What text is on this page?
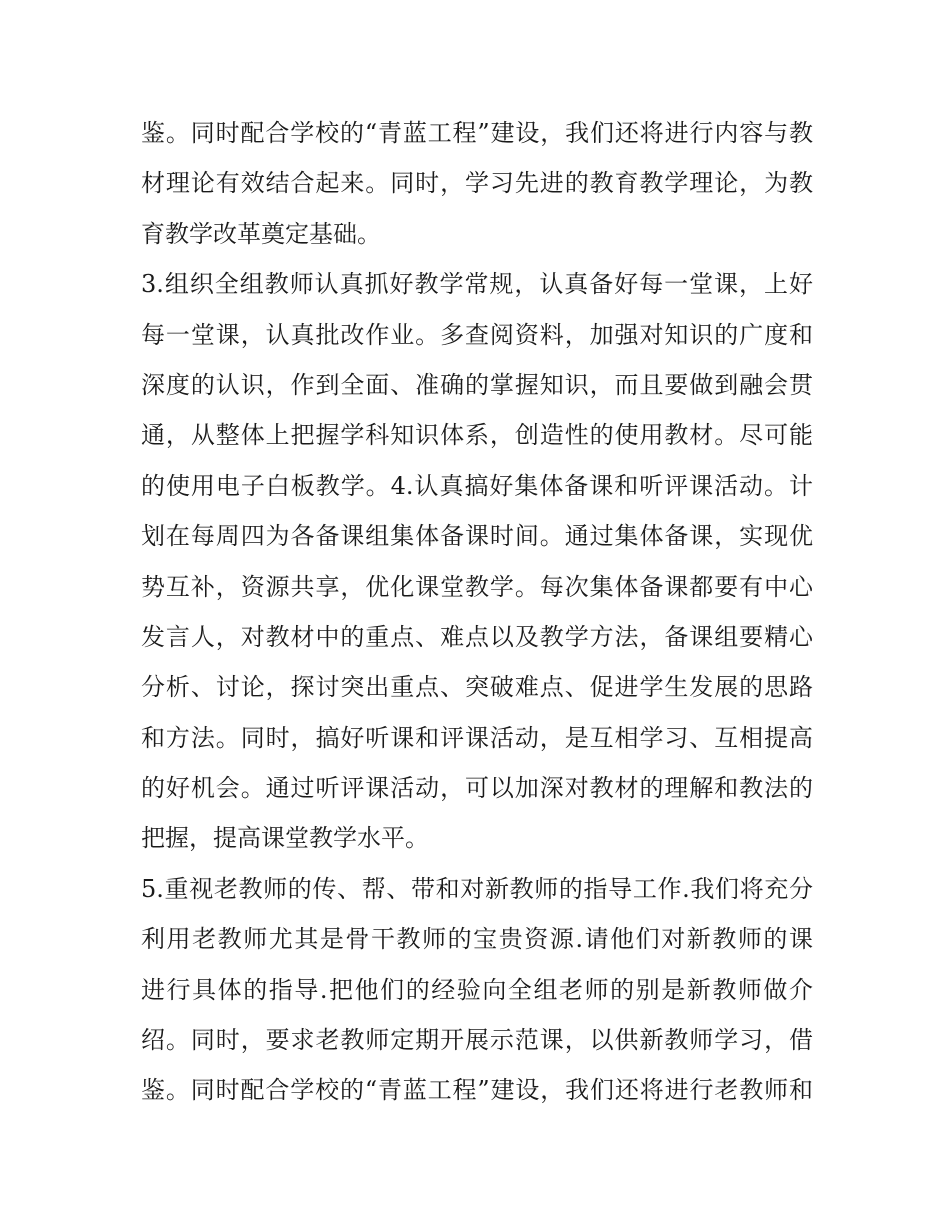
鉴。同时配合学校的“青蓝工程”建设，我们还将进行内容与教
材理论有效结合起来。同时，学习先进的教育教学理论，为教
育教学改革奠定基础。
3.组织全组教师认真抓好教学常规，认真备好每一堂课，上好
每一堂课，认真批改作业。多查阅资料，加强对知识的广度和
深度的认识，作到全面、准确的掌握知识，而且要做到融会贯
通，从整体上把握学科知识体系，创造性的使用教材。尽可能
的使用电子白板教学。4.认真搞好集体备课和听评课活动。计
划在每周四为各备课组集体备课时间。通过集体备课，实现优
势互补，资源共享，优化课堂教学。每次集体备课都要有中心
发言人，对教材中的重点、难点以及教学方法，备课组要精心
分析、讨论，探讨突出重点、突破难点、促进学生发展的思路
和方法。同时，搞好听课和评课活动，是互相学习、互相提高
的好机会。通过听评课活动，可以加深对教材的理解和教法的
把握，提高课堂教学水平。
5.重视老教师的传、帮、带和对新教师的指导工作.我们将充分
利用老教师尤其是骨干教师的宝贵资源.请他们对新教师的课
进行具体的指导.把他们的经验向全组老师的别是新教师做介
绍。同时，要求老教师定期开展示范课，以供新教师学习，借
鉴。同时配合学校的“青蓝工程”建设，我们还将进行老教师和
